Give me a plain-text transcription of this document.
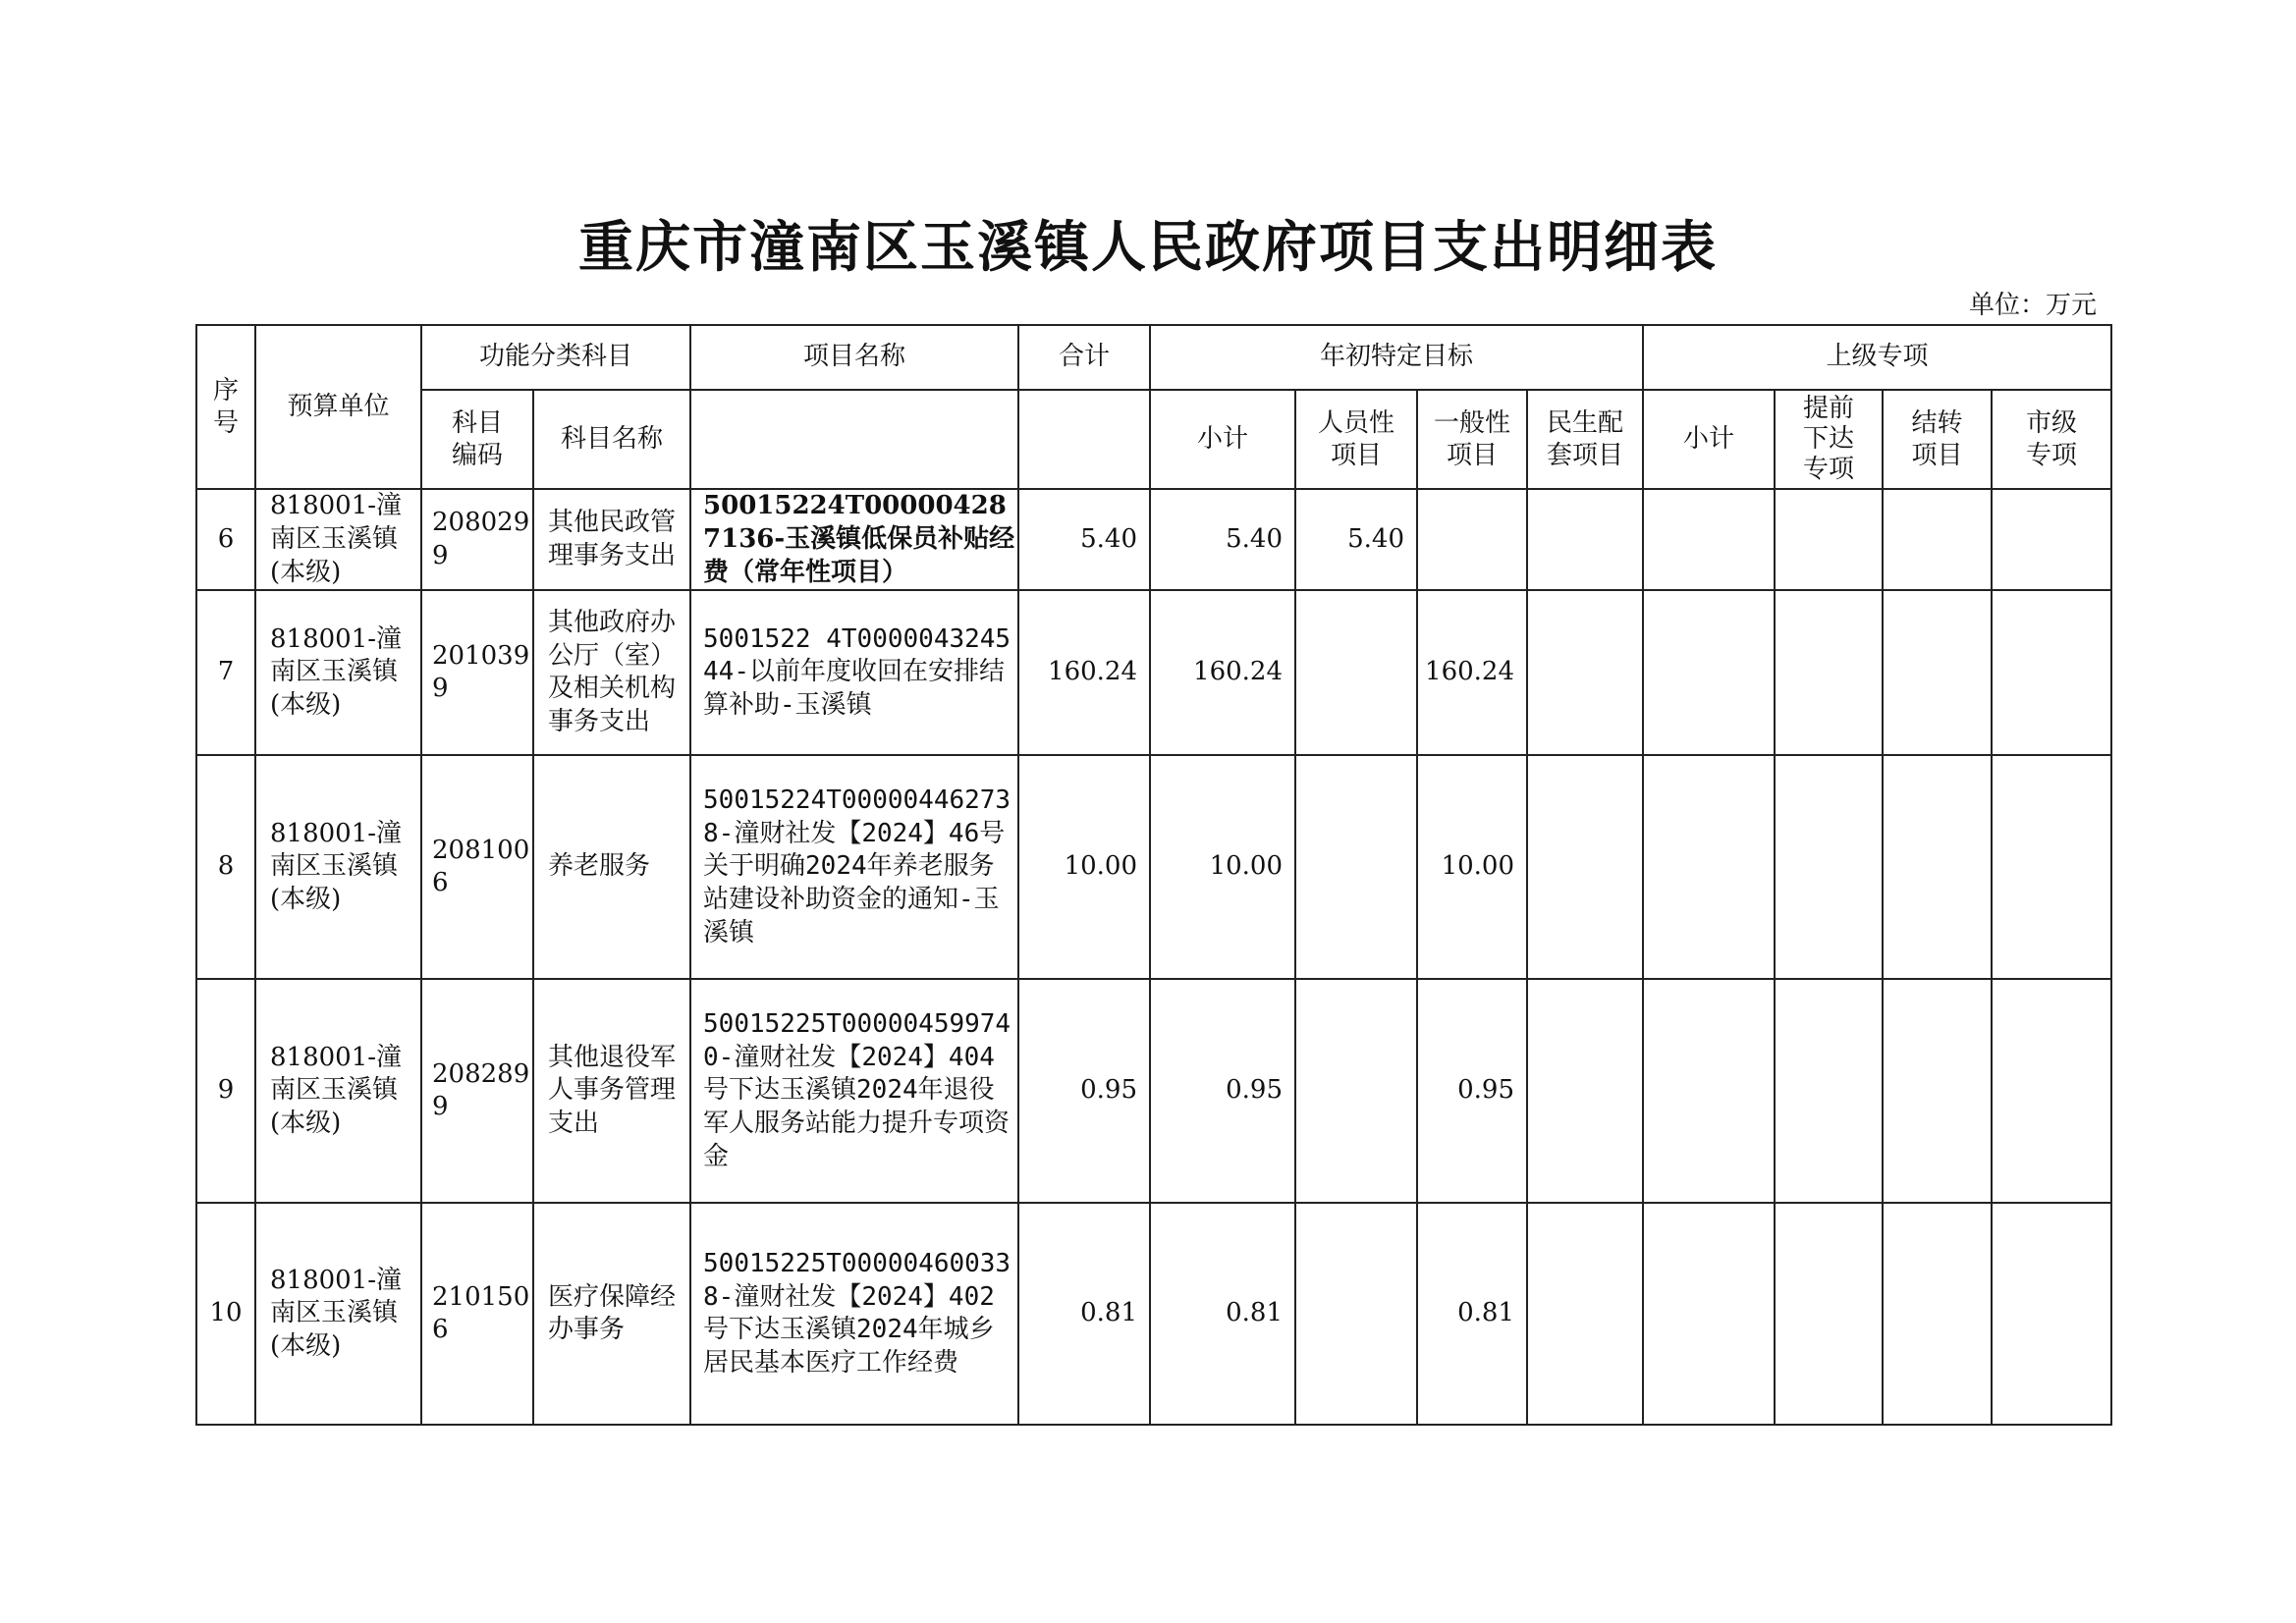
重庆市潼南区玉溪镇人民政府项目支出明细表
单位：万元
序号	预算单位	功能分类科目		项目名称	合计	年初特定目标				上级专项			

		科目编码	科目名称			小计	人员性项目	一般性项目	民生配套项目	小计	提前下达专项	结转项目	市级专项

6	818001-潼南区玉溪镇(本级)	2080299	其他民政管理事务支出	50015224T000004287136-玉溪镇低保员补贴经费（常年性项目）	5.40	5.40	5.40						
7	818001-潼南区玉溪镇(本级)	2010399	其他政府办公厅（室）及相关机构事务支出	5001522 4T000004324544-以前年度收回在安排结算补助-玉溪镇	160.24	160.24		160.24					
8	818001-潼南区玉溪镇(本级)	2081006	养老服务	50015224T000004462738-潼财社发【2024】46号关于明确2024年养老服务站建设补助资金的通知-玉溪镇	10.00	10.00		10.00					
9	818001-潼南区玉溪镇(本级)	2082899	其他退役军人事务管理支出	50015225T000004599740-潼财社发【2024】404号下达玉溪镇2024年退役军人服务站能力提升专项资金	0.95	0.95		0.95					
10	818001-潼南区玉溪镇(本级)	2101506	医疗保障经办事务	50015225T000004600338-潼财社发【2024】402号下达玉溪镇2024年城乡居民基本医疗工作经费	0.81	0.81		0.81					
